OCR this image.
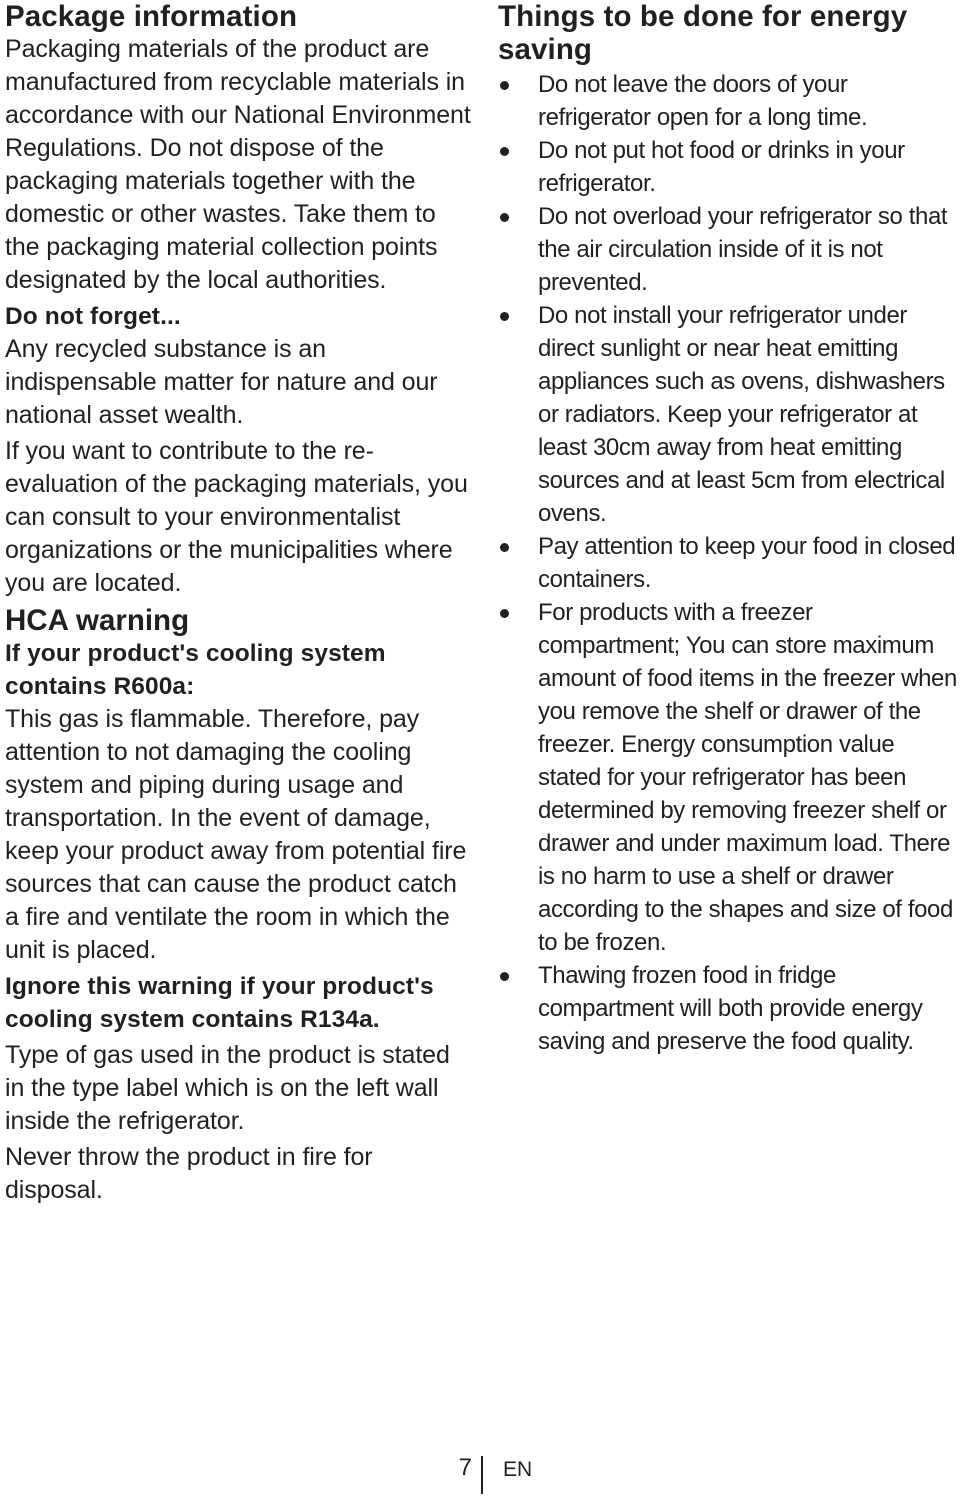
Package information

Packaging materials of the product are manufactured from recyclable materials in accordance with our National Environment Regulations. Do not dispose of the packaging materials together with the domestic or other wastes. Take them to the packaging material collection points designated by the local authorities.

Do not forget...

Any recycled substance is an indispensable matter for nature and our national asset wealth.

If you want to contribute to the re-evaluation of the packaging materials, you can consult to your environmentalist organizations or the municipalities where you are located.

HCA warning

If your product's cooling system contains R600a:

This gas is flammable. Therefore, pay attention to not damaging the cooling system and piping during usage and transportation. In the event of damage, keep your product away from potential fire sources that can cause the product catch a fire and ventilate the room in which the unit is placed.

Ignore this warning if your product's cooling system contains R134a.

Type of gas used in the product is stated in the type label which is on the left wall inside the refrigerator.

Never throw the product in fire for disposal.

Things to be done for energy saving
Do not leave the doors of your refrigerator open for a long time.
Do not put hot food or drinks in your refrigerator.
Do not overload your refrigerator so that the air circulation inside of it is not prevented.
Do not install your refrigerator under direct sunlight or near heat emitting appliances such as ovens, dishwashers or radiators. Keep your refrigerator at least 30cm away from heat emitting sources and at least 5cm from electrical ovens.
Pay attention to keep your food in closed containers.
For products with a freezer compartment; You can store maximum amount of food items in the freezer when you remove the shelf or drawer of the freezer. Energy consumption value stated for your refrigerator has been determined by removing freezer shelf or drawer and under maximum load. There is no harm to use a shelf or drawer according to the shapes and size of food to be frozen.
Thawing frozen food in fridge compartment will both provide energy saving and preserve the food quality.
7 EN
